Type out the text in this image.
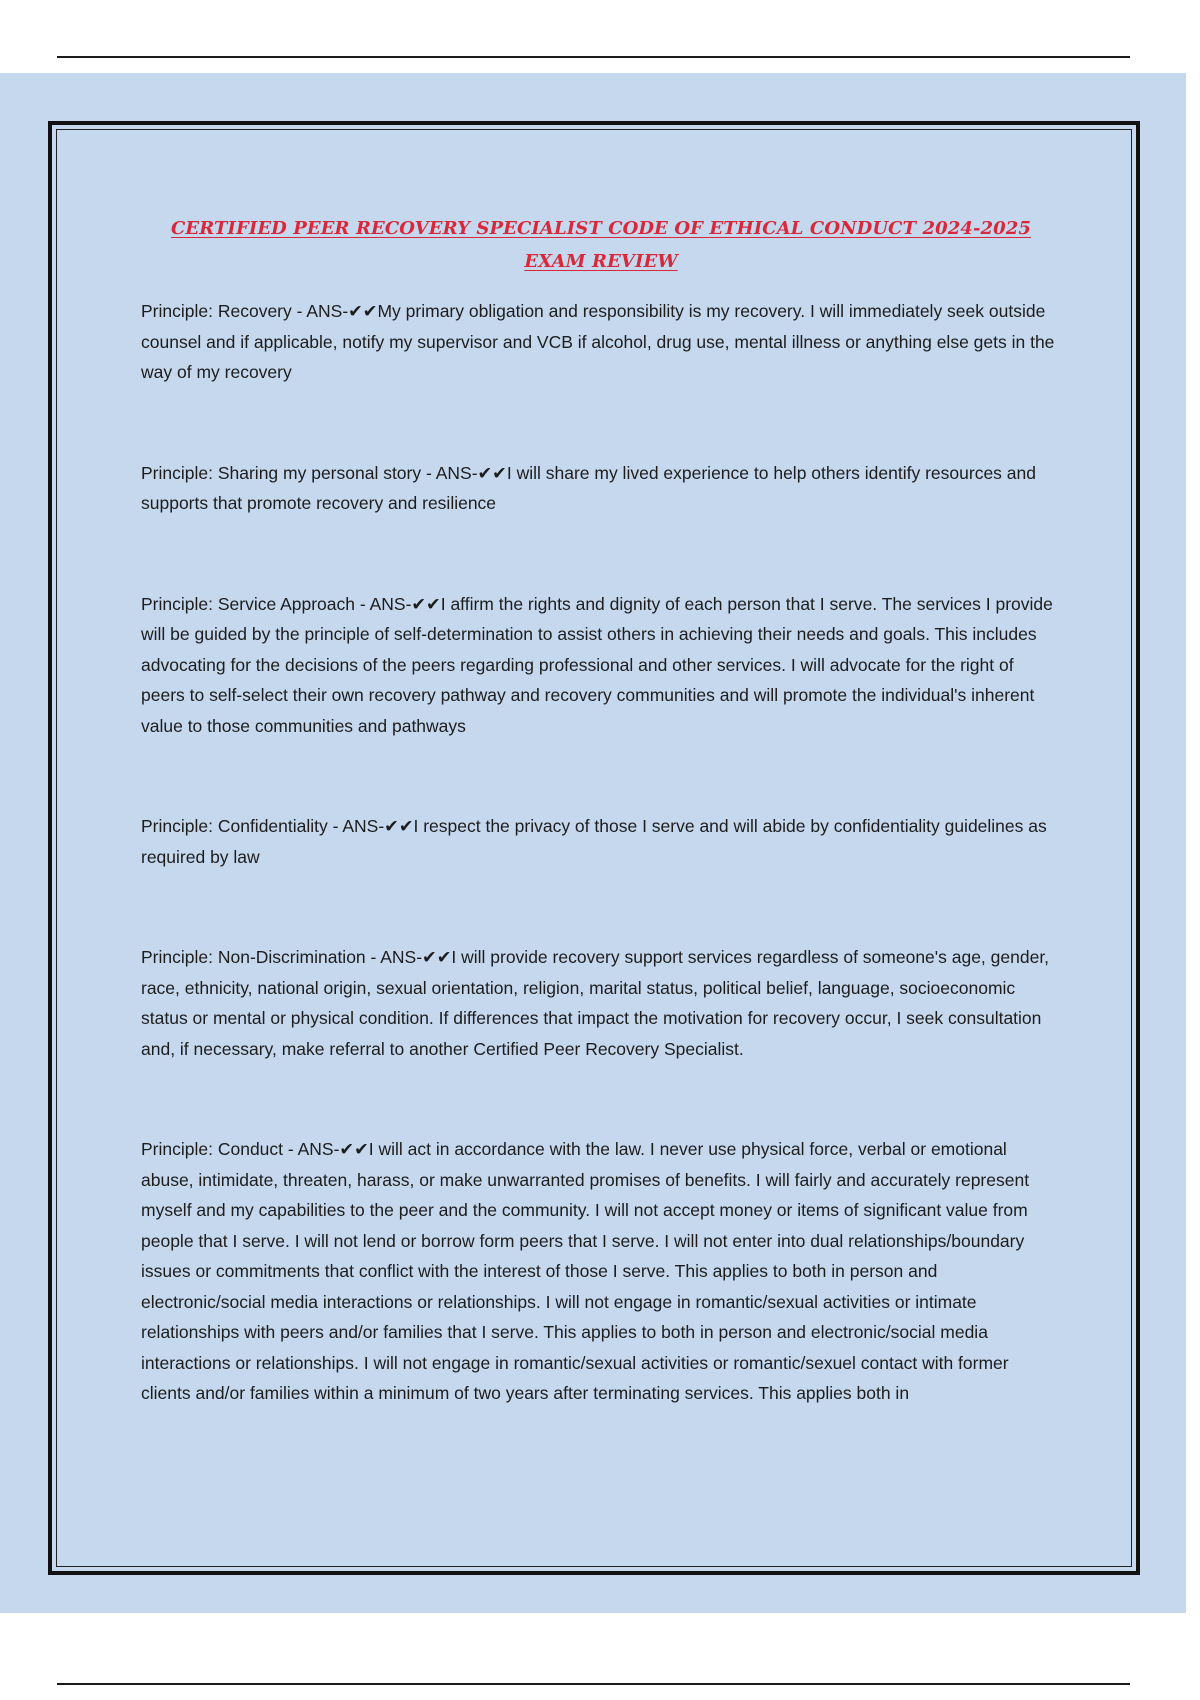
CERTIFIED PEER RECOVERY SPECIALIST CODE OF ETHICAL CONDUCT 2024-2025 EXAM REVIEW

Principle: Recovery - ANS-✔✔My primary obligation and responsibility is my recovery. I will immediately seek outside counsel and if applicable, notify my supervisor and VCB if alcohol, drug use, mental illness or anything else gets in the way of my recovery

Principle: Sharing my personal story - ANS-✔✔I will share my lived experience to help others identify resources and supports that promote recovery and resilience

Principle: Service Approach - ANS-✔✔I affirm the rights and dignity of each person that I serve. The services I provide will be guided by the principle of self-determination to assist others in achieving their needs and goals. This includes advocating for the decisions of the peers regarding professional and other services. I will advocate for the right of peers to self-select their own recovery pathway and recovery communities and will promote the individual's inherent value to those communities and pathways

Principle: Confidentiality - ANS-✔✔I respect the privacy of those I serve and will abide by confidentiality guidelines as required by law

Principle: Non-Discrimination - ANS-✔✔I will provide recovery support services regardless of someone's age, gender, race, ethnicity, national origin, sexual orientation, religion, marital status, political belief, language, socioeconomic status or mental or physical condition. If differences that impact the motivation for recovery occur, I seek consultation and, if necessary, make referral to another Certified Peer Recovery Specialist.

Principle: Conduct - ANS-✔✔I will act in accordance with the law. I never use physical force, verbal or emotional abuse, intimidate, threaten, harass, or make unwarranted promises of benefits. I will fairly and accurately represent myself and my capabilities to the peer and the community. I will not accept money or items of significant value from people that I serve. I will not lend or borrow form peers that I serve. I will not enter into dual relationships/boundary issues or commitments that conflict with the interest of those I serve. This applies to both in person and electronic/social media interactions or relationships. I will not engage in romantic/sexual activities or intimate relationships with peers and/or families that I serve. This applies to both in person and electronic/social media interactions or relationships. I will not engage in romantic/sexual activities or romantic/sexuel contact with former clients and/or families within a minimum of two years after terminating services. This applies both in
